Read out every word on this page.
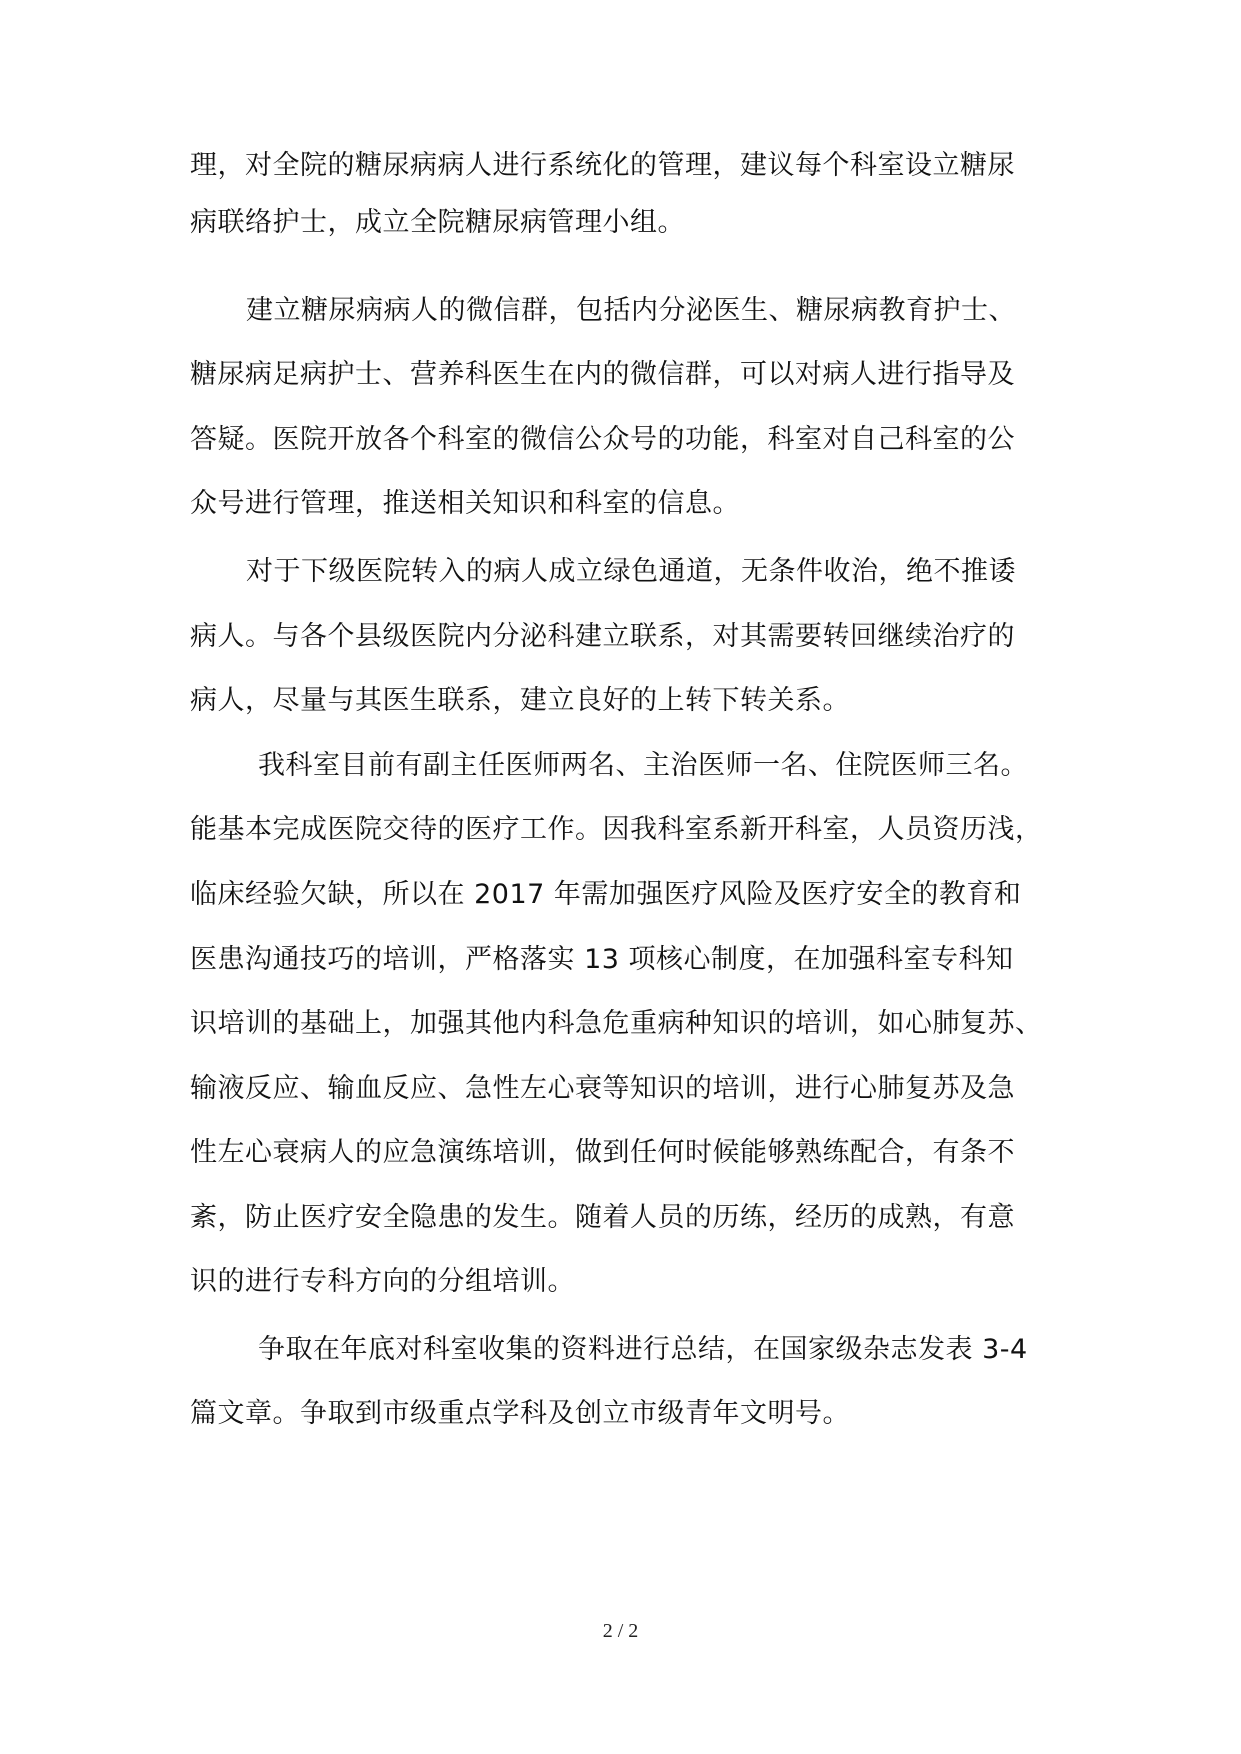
理，对全院的糖尿病病人进行系统化的管理，建议每个科室设立糖尿
病联络护士，成立全院糖尿病管理小组。
建立糖尿病病人的微信群，包括内分泌医生、糖尿病教育护士、
糖尿病足病护士、营养科医生在内的微信群，可以对病人进行指导及
答疑。医院开放各个科室的微信公众号的功能，科室对自己科室的公
众号进行管理，推送相关知识和科室的信息。
对于下级医院转入的病人成立绿色通道，无条件收治，绝不推诿
病人。与各个县级医院内分泌科建立联系，对其需要转回继续治疗的
病人，尽量与其医生联系，建立良好的上转下转关系。
我科室目前有副主任医师两名、主治医师一名、住院医师三名。
能基本完成医院交待的医疗工作。因我科室系新开科室，人员资历浅，
临床经验欠缺，所以在 2017 年需加强医疗风险及医疗安全的教育和
医患沟通技巧的培训，严格落实 13 项核心制度，在加强科室专科知
识培训的基础上，加强其他内科急危重病种知识的培训，如心肺复苏、
输液反应、输血反应、急性左心衰等知识的培训，进行心肺复苏及急
性左心衰病人的应急演练培训，做到任何时候能够熟练配合，有条不
紊，防止医疗安全隐患的发生。随着人员的历练，经历的成熟，有意
识的进行专科方向的分组培训。
争取在年底对科室收集的资料进行总结，在国家级杂志发表 3-4
篇文章。争取到市级重点学科及创立市级青年文明号。
2 / 2
